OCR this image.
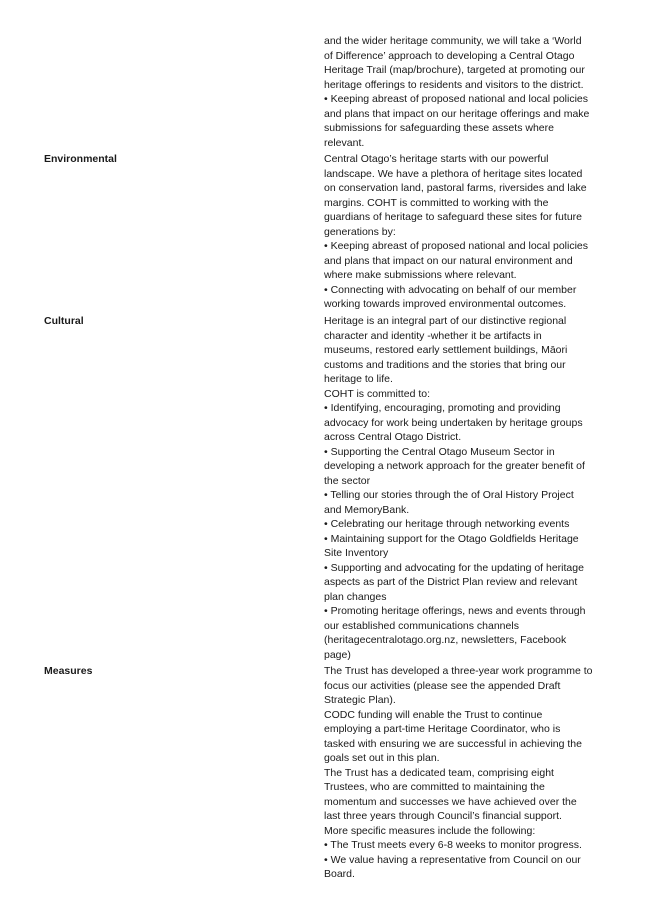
and the wider heritage community, we will take a ‘World
of Difference’ approach to developing a Central Otago
Heritage Trail (map/brochure), targeted at promoting our
heritage offerings to residents and visitors to the district.
• Keeping abreast of proposed national and local policies
and plans that impact on our heritage offerings and make
submissions for safeguarding these assets where
relevant.
Environmental	Central Otago’s heritage starts with our powerful
landscape. We have a plethora of heritage sites located
on conservation land, pastoral farms, riversides and lake
margins. COHT is committed to working with the
guardians of heritage to safeguard these sites for future
generations by:
• Keeping abreast of proposed national and local policies
and plans that impact on our natural environment and
where make submissions where relevant.
• Connecting with advocating on behalf of our member
working towards improved environmental outcomes.
Cultural	Heritage is an integral part of our distinctive regional
character and identity -whether it be artifacts in
museums, restored early settlement buildings, Māori
customs and traditions and the stories that bring our
heritage to life.
COHT is committed to:
• Identifying, encouraging, promoting and providing
advocacy for work being undertaken by heritage groups
across Central Otago District.
• Supporting the Central Otago Museum Sector in
developing a network approach for the greater benefit of
the sector
• Telling our stories through the of Oral History Project
and MemoryBank.
• Celebrating our heritage through networking events
• Maintaining support for the Otago Goldfields Heritage
Site Inventory
• Supporting and advocating for the updating of heritage
aspects as part of the District Plan review and relevant
plan changes
• Promoting heritage offerings, news and events through
our established communications channels
(heritagecentralotago.org.nz, newsletters, Facebook
page)
Measures	The Trust has developed a three-year work programme to
focus our activities (please see the appended Draft
Strategic Plan).
CODC funding will enable the Trust to continue
employing a part-time Heritage Coordinator, who is
tasked with ensuring we are successful in achieving the
goals set out in this plan.
The Trust has a dedicated team, comprising eight
Trustees, who are committed to maintaining the
momentum and successes we have achieved over the
last three years through Council’s financial support.
More specific measures include the following:
• The Trust meets every 6-8 weeks to monitor progress.
• We value having a representative from Council on our
Board.
